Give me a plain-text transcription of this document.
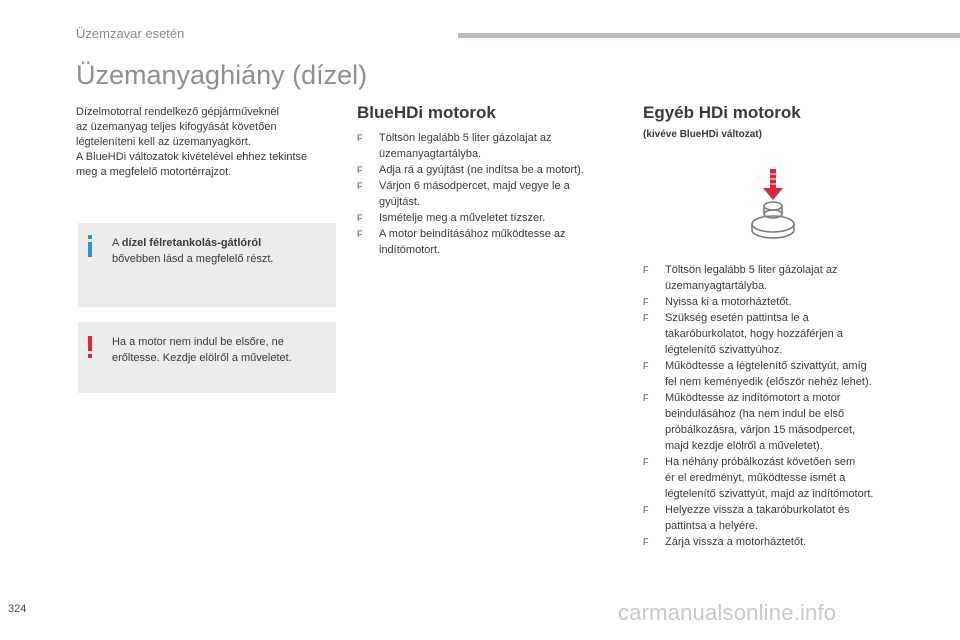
Üzemzavar esetén
Üzemanyaghiány (dízel)
Dízelmotorral rendelkező gépjárműveknél
az üzemanyag teljes kifogyását követően
légteleníteni kell az üzemanyagkört.
A BlueHDi változatok kivételével ehhez tekintse
meg a megfelelő motortérrajzot.
A dízel félretankolás-gátlóról
bővebben lásd a megfelelő részt.
Ha a motor nem indul be elsőre, ne
erőltesse. Kezdje elölről a műveletet.
BlueHDi motorok
F Töltsön legalább 5 liter gázolajat az
üzemanyagtartályba.
F Adja rá a gyújtást (ne indítsa be a motort).
F Várjon 6 másodpercet, majd vegye le a
gyújtást.
F Ismételje meg a műveletet tízszer.
F A motor beindításához működtesse az
indítómotort.
Egyéb HDi motorok
(kivéve BlueHDi változat)
F Töltsön legalább 5 liter gázolajat az
üzemanyagtartályba.
F Nyissa ki a motorháztetőt.
F Szükség esetén pattintsa le a
takaróburkolatot, hogy hozzáférjen a
légtelenítő szivattyúhoz.
F Működtesse a légtelenítő szivattyút, amíg
fel nem keményedik (először nehéz lehet).
F Működtesse az indítómotort a motor
beindulásához (ha nem indul be első
próbálkozásra, várjon 15 másodpercet,
majd kezdje elölről a műveletet).
F Ha néhány próbálkozást követően sem
ér el eredményt, működtesse ismét a
légtelenítő szivattyút, majd az indítómotort.
F Helyezze vissza a takaróburkolatot és
pattintsa a helyére.
F Zárja vissza a motorháztetőt.
324	carmanualsonline.info
